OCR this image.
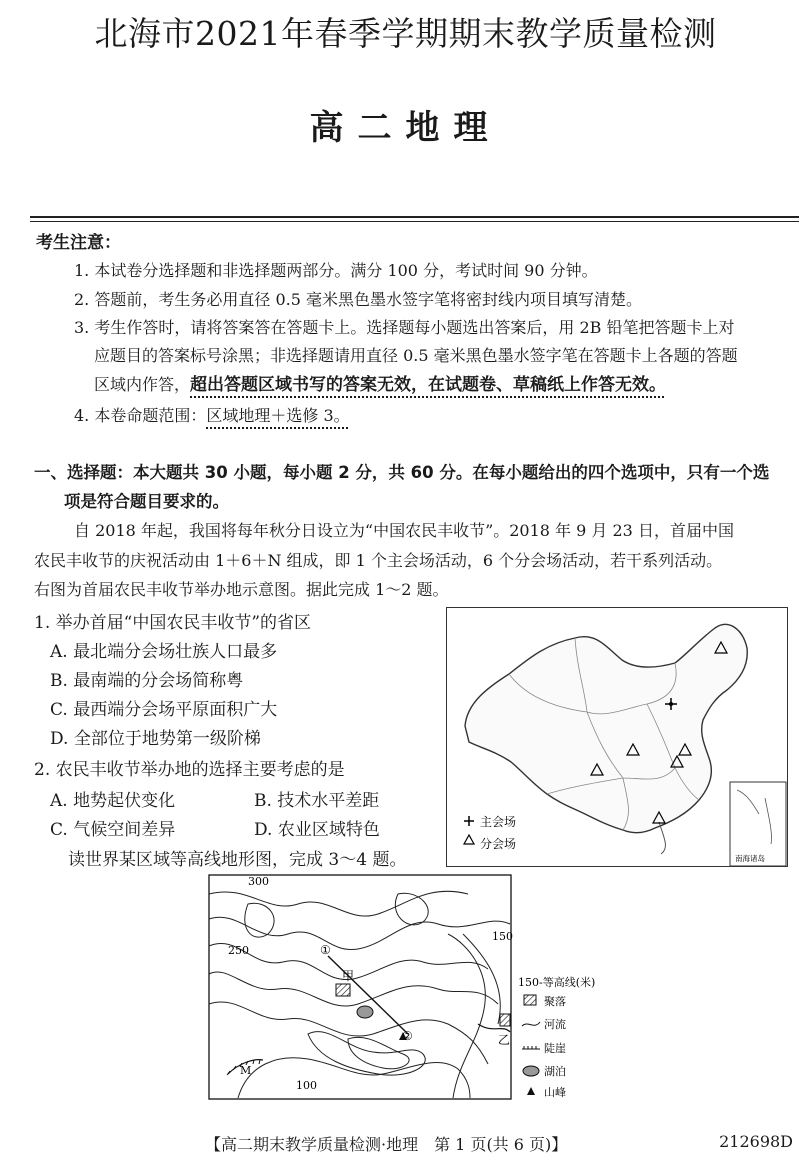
北海市2021年春季学期期末教学质量检测
高二地理
考生注意：
1. 本试卷分选择题和非选择题两部分。满分 100 分，考试时间 90 分钟。
2. 答题前，考生务必用直径 0.5 毫米黑色墨水签字笔将密封线内项目填写清楚。
3. 考生作答时，请将答案答在答题卡上。选择题每小题选出答案后，用 2B 铅笔把答题卡上对
应题目的答案标号涂黑；非选择题请用直径 0.5 毫米黑色墨水签字笔在答题卡上各题的答题
区域内作答，超出答题区域书写的答案无效，在试题卷、草稿纸上作答无效。
4. 本卷命题范围：区域地理＋选修 3。
一、选择题：本大题共 30 小题，每小题 2 分，共 60 分。在每小题给出的四个选项中，只有一个选
项是符合题目要求的。
自 2018 年起，我国将每年秋分日设立为“中国农民丰收节”。2018 年 9 月 23 日，首届中国
农民丰收节的庆祝活动由 1＋6＋N 组成，即 1 个主会场活动，6 个分会场活动，若干系列活动。
右图为首届农民丰收节举办地示意图。据此完成 1～2 题。
1. 举办首届“中国农民丰收节”的省区
A. 最北端分会场壮族人口最多
B. 最南端的分会场简称粤
C. 最西端分会场平原面积广大
D. 全部位于地势第一级阶梯
2. 农民丰收节举办地的选择主要考虑的是
A. 地势起伏变化	B. 技术水平差距
C. 气候空间差异	D. 农业区域特色
读世界某区域等高线地形图，完成 3～4 题。
主会场
分会场
南海诸岛
300
250
150
100
①
②
甲
乙
M
150-等高线(米)
聚落
河流
陡崖
湖泊
山峰
【高二期末教学质量检测·地理　第 1 页(共 6 页)】	212698D
